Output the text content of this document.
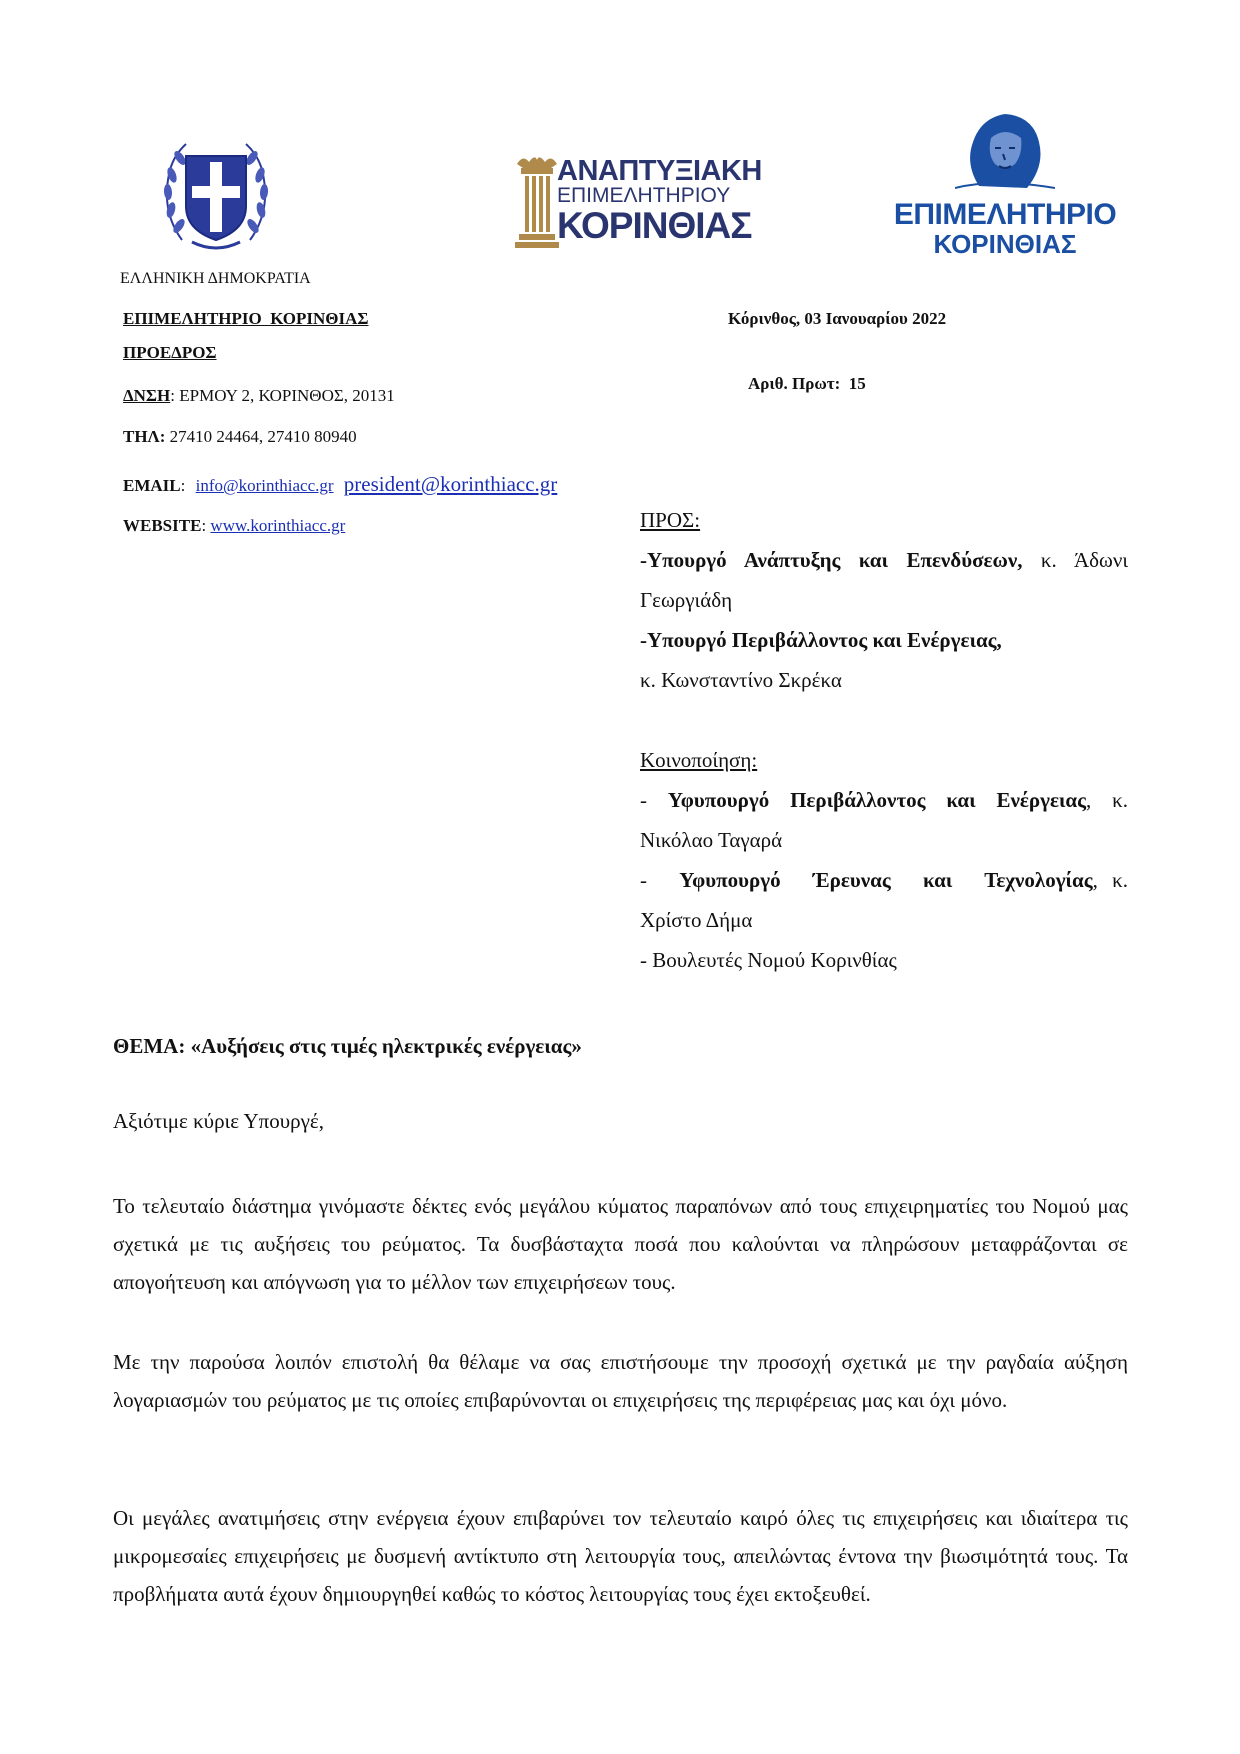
ΑΝΑΠΤΥΞΙΑΚΗ
ΕΠΙΜΕΛΗΤΗΡΙΟΥ
ΚΟΡΙΝΘΙΑΣ	ΕΠΙΜΕΛΗΤΗΡΙΟ
ΚΟΡΙΝΘΙΑΣ
ΕΛΛΗΝΙΚΗ ΔΗΜΟΚΡΑΤΙΑ
ΕΠΙΜΕΛΗΤΗΡΙΟ  ΚΟΡΙΝΘΙΑΣ
ΠΡΟΕΔΡΟΣ
ΔΝΣΗ: ΕΡΜΟΥ 2, ΚΟΡΙΝΘΟΣ, 20131
ΤΗΛ: 27410 24464, 27410 80940
EMAIL: info@korinthiacc.gr president@korinthiacc.gr
WEBSITE: www.korinthiacc.gr
Κόρινθος, 03 Ιανουαρίου 2022
Αριθ. Πρωτ:  15
ΠΡΟΣ:
-Υπουργό Ανάπτυξης και Επενδύσεων, κ. Άδωνι Γεωργιάδη
-Υπουργό Περιβάλλοντος και Ενέργειας,
κ. Κωνσταντίνο Σκρέκα
Κοινοποίηση:
- Υφυπουργό Περιβάλλοντος και Ενέργειας, κ. Νικόλαο Ταγαρά
- Υφυπουργό Έρευνας και Τεχνολογίας, κ. Χρίστο Δήμα
- Βουλευτές Νομού Κορινθίας
ΘΕΜΑ: «Αυξήσεις στις τιμές ηλεκτρικές ενέργειας»
Αξιότιμε κύριε Υπουργέ,

Το τελευταίο διάστημα γινόμαστε δέκτες ενός μεγάλου κύματος παραπόνων από τους επιχειρηματίες του Νομού μας σχετικά με τις αυξήσεις του ρεύματος. Τα δυσβάσταχτα ποσά που καλούνται να πληρώσουν μεταφράζονται σε απογοήτευση και απόγνωση για το μέλλον των επιχειρήσεων τους.

Με την παρούσα λοιπόν επιστολή θα θέλαμε να σας επιστήσουμε την προσοχή σχετικά με την ραγδαία αύξηση λογαριασμών του ρεύματος με τις οποίες επιβαρύνονται οι επιχειρήσεις της περιφέρειας μας και όχι μόνο.

Οι μεγάλες ανατιμήσεις στην ενέργεια έχουν επιβαρύνει τον τελευταίο καιρό όλες τις επιχειρήσεις και ιδιαίτερα τις μικρομεσαίες επιχειρήσεις με δυσμενή αντίκτυπο στη λειτουργία τους, απειλώντας έντονα την βιωσιμότητά τους. Τα προβλήματα αυτά έχουν δημιουργηθεί καθώς το κόστος λειτουργίας τους έχει εκτοξευθεί.
